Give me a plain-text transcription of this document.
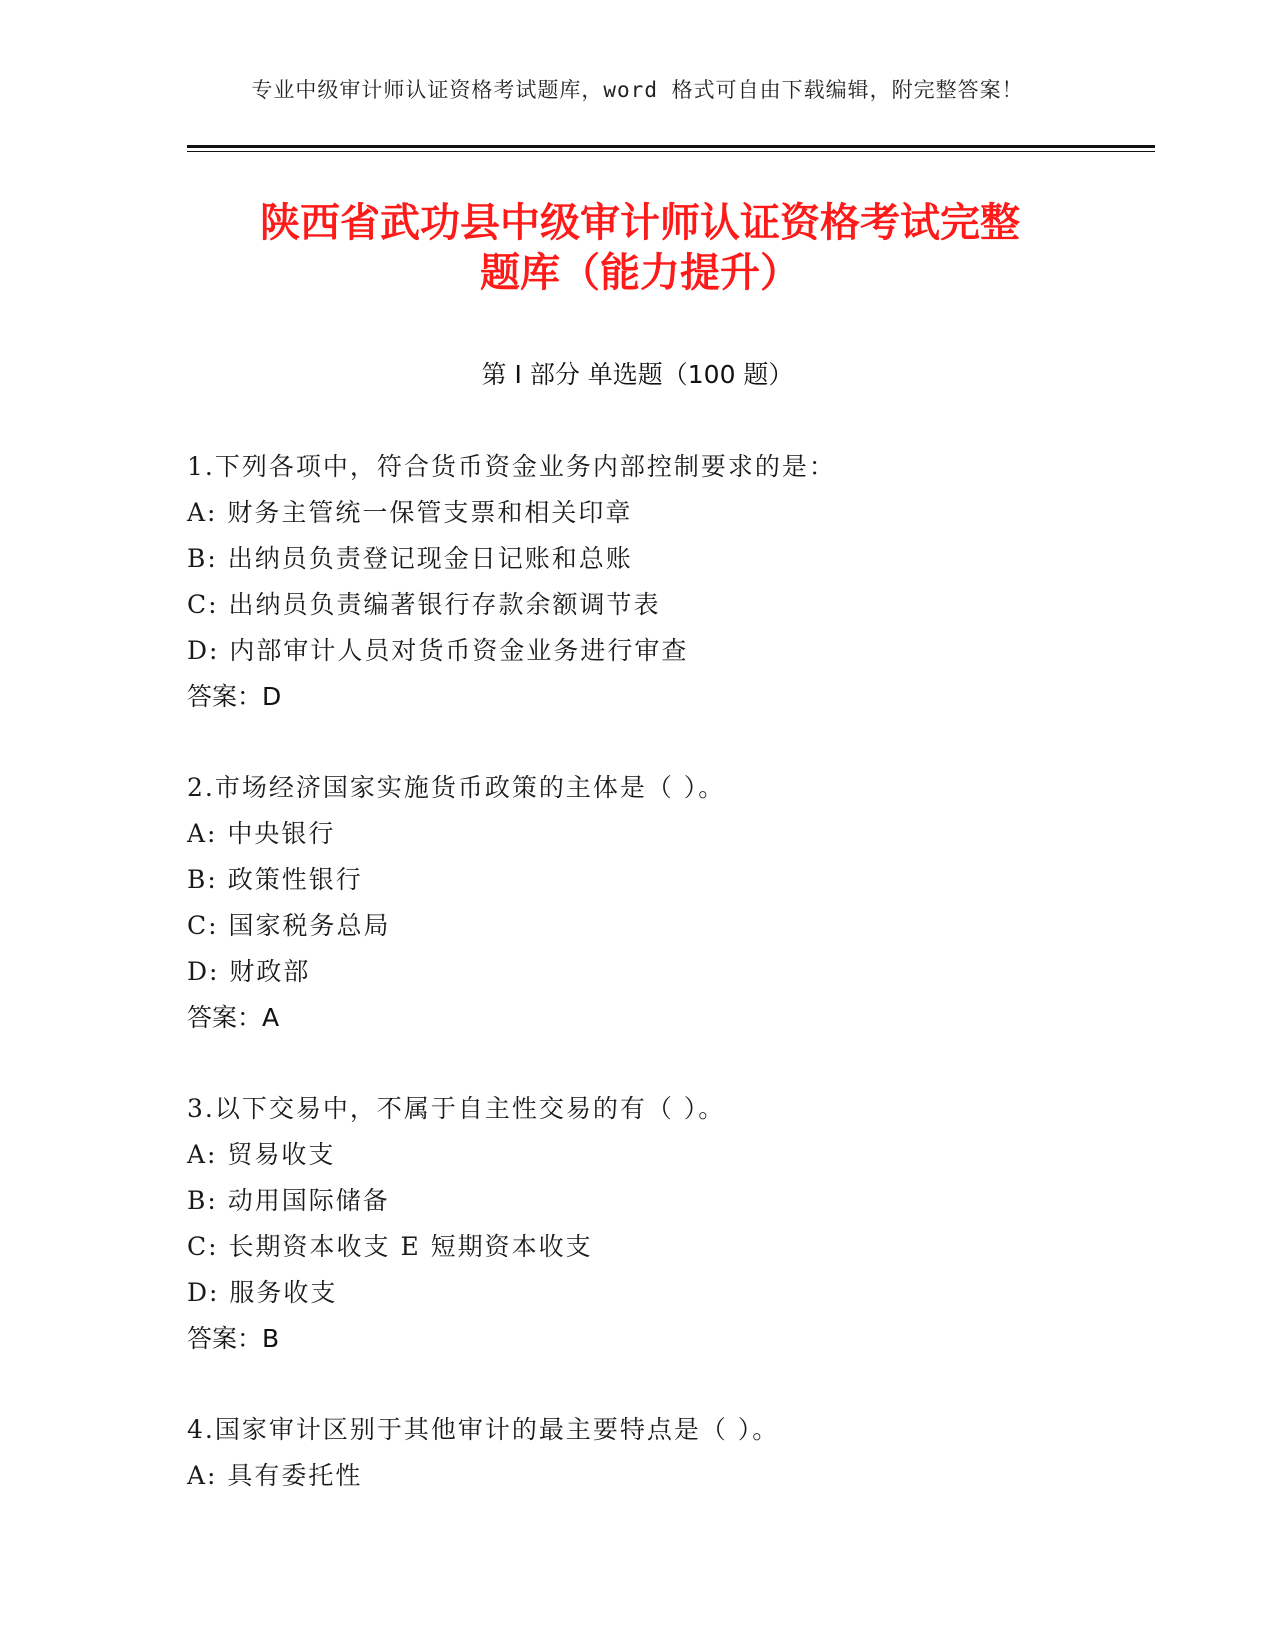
专业中级审计师认证资格考试题库，word 格式可自由下载编辑，附完整答案！
陕西省武功县中级审计师认证资格考试完整
题库（能力提升）
第 I 部分 单选题（100 题）
1.下列各项中，符合货币资金业务内部控制要求的是：
A: 财务主管统一保管支票和相关印章
B: 出纳员负责登记现金日记账和总账
C: 出纳员负责编著银行存款余额调节表
D: 内部审计人员对货币资金业务进行审查
答案：D
2.市场经济国家实施货币政策的主体是（ ）。
A: 中央银行
B: 政策性银行
C: 国家税务总局
D: 财政部
答案：A
3.以下交易中，不属于自主性交易的有（ ）。
A: 贸易收支
B: 动用国际储备
C: 长期资本收支 E 短期资本收支
D: 服务收支
答案：B
4.国家审计区别于其他审计的最主要特点是（ ）。
A: 具有委托性
